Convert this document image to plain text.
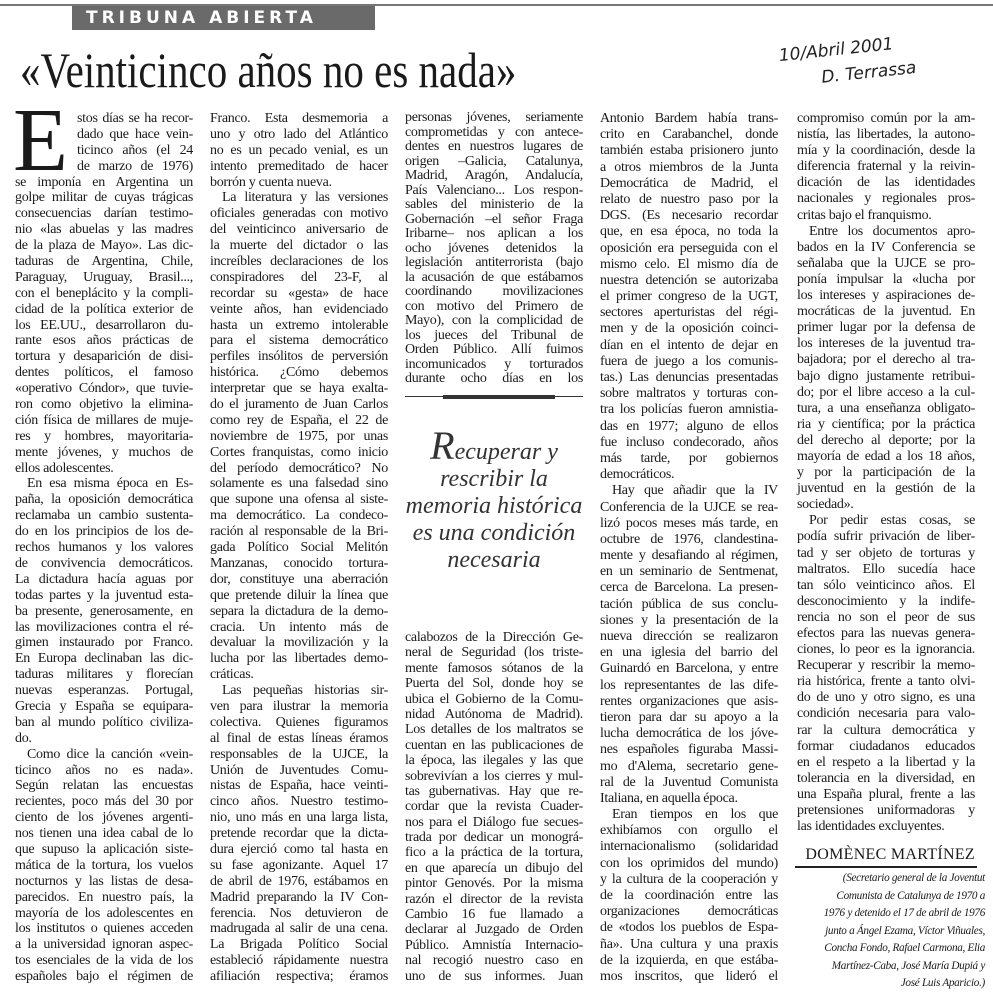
TRIBUNA ABIERTA
«Veinticinco años no es nada»	10/Abril 2001
D. Terrassa
E stos días se ha recor-
dado que hace vein-
ticinco años (el 24
de marzo de 1976)
se imponía en Argentina un
golpe militar de cuyas trágicas
consecuencias darían testimo-
nio «las abuelas y las madres
de la plaza de Mayo». Las dic-
taduras de Argentina, Chile,
Paraguay, Uruguay, Brasil...,
con el beneplácito y la compli-
cidad de la política exterior de
los EE.UU., desarrollaron du-
rante esos años prácticas de
tortura y desaparición de disi-
dentes políticos, el famoso
«operativo Cóndor», que tuvie-
ron como objetivo la elimina-
ción física de millares de muje-
res y hombres, mayoritaria-
mente jóvenes, y muchos de
ellos adolescentes.
En esa misma época en Es-
paña, la oposición democrática
reclamaba un cambio sustenta-
do en los principios de los de-
rechos humanos y los valores
de convivencia democráticos.
La dictadura hacía aguas por
todas partes y la juventud esta-
ba presente, generosamente, en
las movilizaciones contra el ré-
gimen instaurado por Franco.
En Europa declinaban las dic-
taduras militares y florecían
nuevas esperanzas. Portugal,
Grecia y España se equipara-
ban al mundo político civiliza-
do.
Como dice la canción «vein-
ticinco años no es nada».
Según relatan las encuestas
recientes, poco más del 30 por
ciento de los jóvenes argenti-
nos tienen una idea cabal de lo
que supuso la aplicación siste-
mática de la tortura, los vuelos
nocturnos y las listas de desa-
parecidos. En nuestro país, la
mayoría de los adolescentes en
los institutos o quienes acceden
a la universidad ignoran aspec-
tos esenciales de la vida de los
españoles bajo el régimen de
Franco. Esta desmemoria a
uno y otro lado del Atlántico
no es un pecado venial, es un
intento premeditado de hacer
borrón y cuenta nueva.
La literatura y las versiones
oficiales generadas con motivo
del veinticinco aniversario de
la muerte del dictador o las
increíbles declaraciones de los
conspiradores del 23-F, al
recordar su «gesta» de hace
veinte años, han evidenciado
hasta un extremo intolerable
para el sistema democrático
perfiles insólitos de perversión
histórica. ¿Cómo debemos
interpretar que se haya exalta-
do el juramento de Juan Carlos
como rey de España, el 22 de
noviembre de 1975, por unas
Cortes franquistas, como inicio
del período democrático? No
solamente es una falsedad sino
que supone una ofensa al siste-
ma democrático. La condeco-
ración al responsable de la Bri-
gada Político Social Melitón
Manzanas, conocido tortura-
dor, constituye una aberración
que pretende diluir la línea que
separa la dictadura de la demo-
cracia. Un intento más de
devaluar la movilización y la
lucha por las libertades demo-
cráticas.
Las pequeñas historias sir-
ven para ilustrar la memoria
colectiva. Quienes figuramos
al final de estas líneas éramos
responsables de la UJCE, la
Unión de Juventudes Comu-
nistas de España, hace veinti-
cinco años. Nuestro testimo-
nio, uno más en una larga lista,
pretende recordar que la dicta-
dura ejerció como tal hasta en
su fase agonizante. Aquel 17
de abril de 1976, estábamos en
Madrid preparando la IV Con-
ferencia. Nos detuvieron de
madrugada al salir de una cena.
La Brigada Político Social
estableció rápidamente nuestra
afiliación respectiva; éramos
personas jóvenes, seriamente
comprometidas y con antece-
dentes en nuestros lugares de
origen –Galicia, Catalunya,
Madrid, Aragón, Andalucía,
País Valenciano... Los respon-
sables del ministerio de la
Gobernación –el señor Fraga
Iribarne– nos aplican a los
ocho jóvenes detenidos la
legislación antiterrorista (bajo
la acusación de que estábamos
coordinando movilizaciones
con motivo del Primero de
Mayo), con la complicidad de
los jueces del Tribunal de
Orden Público. Allí fuimos
incomunicados y torturados
durante ocho días en los
calabozos de la Dirección Ge-
neral de Seguridad (los triste-
mente famosos sótanos de la
Puerta del Sol, donde hoy se
ubica el Gobierno de la Comu-
nidad Autónoma de Madrid).
Los detalles de los maltratos se
cuentan en las publicaciones de
la época, las ilegales y las que
sobrevivían a los cierres y mul-
tas gubernativas. Hay que re-
cordar que la revista Cuader-
nos para el Diálogo fue secues-
trada por dedicar un monográ-
fico a la práctica de la tortura,
en que aparecía un dibujo del
pintor Genovés. Por la misma
razón el director de la revista
Cambio 16 fue llamado a
declarar al Juzgado de Orden
Público. Amnistía Internacio-
nal recogió nuestro caso en
uno de sus informes. Juan
Antonio Bardem había trans-
crito en Carabanchel, donde
también estaba prisionero junto
a otros miembros de la Junta
Democrática de Madrid, el
relato de nuestro paso por la
DGS. (Es necesario recordar
que, en esa época, no toda la
oposición era perseguida con el
mismo celo. El mismo día de
nuestra detención se autorizaba
el primer congreso de la UGT,
sectores aperturistas del régi-
men y de la oposición coinci-
dían en el intento de dejar en
fuera de juego a los comunis-
tas.) Las denuncias presentadas
sobre maltratos y torturas con-
tra los policías fueron amnistia-
das en 1977; alguno de ellos
fue incluso condecorado, años
más tarde, por gobiernos
democráticos.
Hay que añadir que la IV
Conferencia de la UJCE se rea-
lizó pocos meses más tarde, en
octubre de 1976, clandestina-
mente y desafiando al régimen,
en un seminario de Sentmenat,
cerca de Barcelona. La presen-
tación pública de sus conclu-
siones y la presentación de la
nueva dirección se realizaron
en una iglesia del barrio del
Guinardó en Barcelona, y entre
los representantes de las dife-
rentes organizaciones que asis-
tieron para dar su apoyo a la
lucha democrática de los jóve-
nes españoles figuraba Massi-
mo d'Alema, secretario gene-
ral de la Juventud Comunista
Italiana, en aquella época.
Eran tiempos en los que
exhibíamos con orgullo el
internacionalismo (solidaridad
con los oprimidos del mundo)
y la cultura de la cooperación y
de la coordinación entre las
organizaciones democráticas
de «todos los pueblos de Espa-
ña». Una cultura y una praxis
de la izquierda, en que estába-
mos inscritos, que lideró el
compromiso común por la am-
nistía, las libertades, la autono-
mía y la coordinación, desde la
diferencia fraternal y la reivin-
dicación de las identidades
nacionales y regionales pros-
critas bajo el franquismo.
Entre los documentos apro-
bados en la IV Conferencia se
señalaba que la UJCE se pro-
ponía impulsar la «lucha por
los intereses y aspiraciones de-
mocráticas de la juventud. En
primer lugar por la defensa de
los intereses de la juventud tra-
bajadora; por el derecho al tra-
bajo digno justamente retribui-
do; por el libre acceso a la cul-
tura, a una enseñanza obligato-
ria y científica; por la práctica
del derecho al deporte; por la
mayoría de edad a los 18 años,
y por la participación de la
juventud en la gestión de la
sociedad».
Por pedir estas cosas, se
podía sufrir privación de liber-
tad y ser objeto de torturas y
maltratos. Ello sucedía hace
tan sólo veinticinco años. El
desconocimiento y la indife-
rencia no son el peor de sus
efectos para las nuevas genera-
ciones, lo peor es la ignorancia.
Recuperar y rescribir la memo-
ria histórica, frente a tanto olvi-
do de uno y otro signo, es una
condición necesaria para valo-
rar la cultura democrática y
formar ciudadanos educados
en el respeto a la libertad y la
tolerancia en la diversidad, en
una España plural, frente a las
pretensiones uniformadoras y
las identidades excluyentes.
Recuperar y
rescribir la
memoria histórica
es una condición
necesaria
DOMÈNEC MARTÍNEZ
(Secretario general de la Joventut
Comunista de Catalunya de 1970 a
1976 y detenido el 17 de abril de 1976
junto a Ángel Ezama, Víctor Viñuales,
Concha Fondo, Rafael Carmona, Elia
Martínez-Caba, José María Dupiá y
José Luis Aparicio.)
